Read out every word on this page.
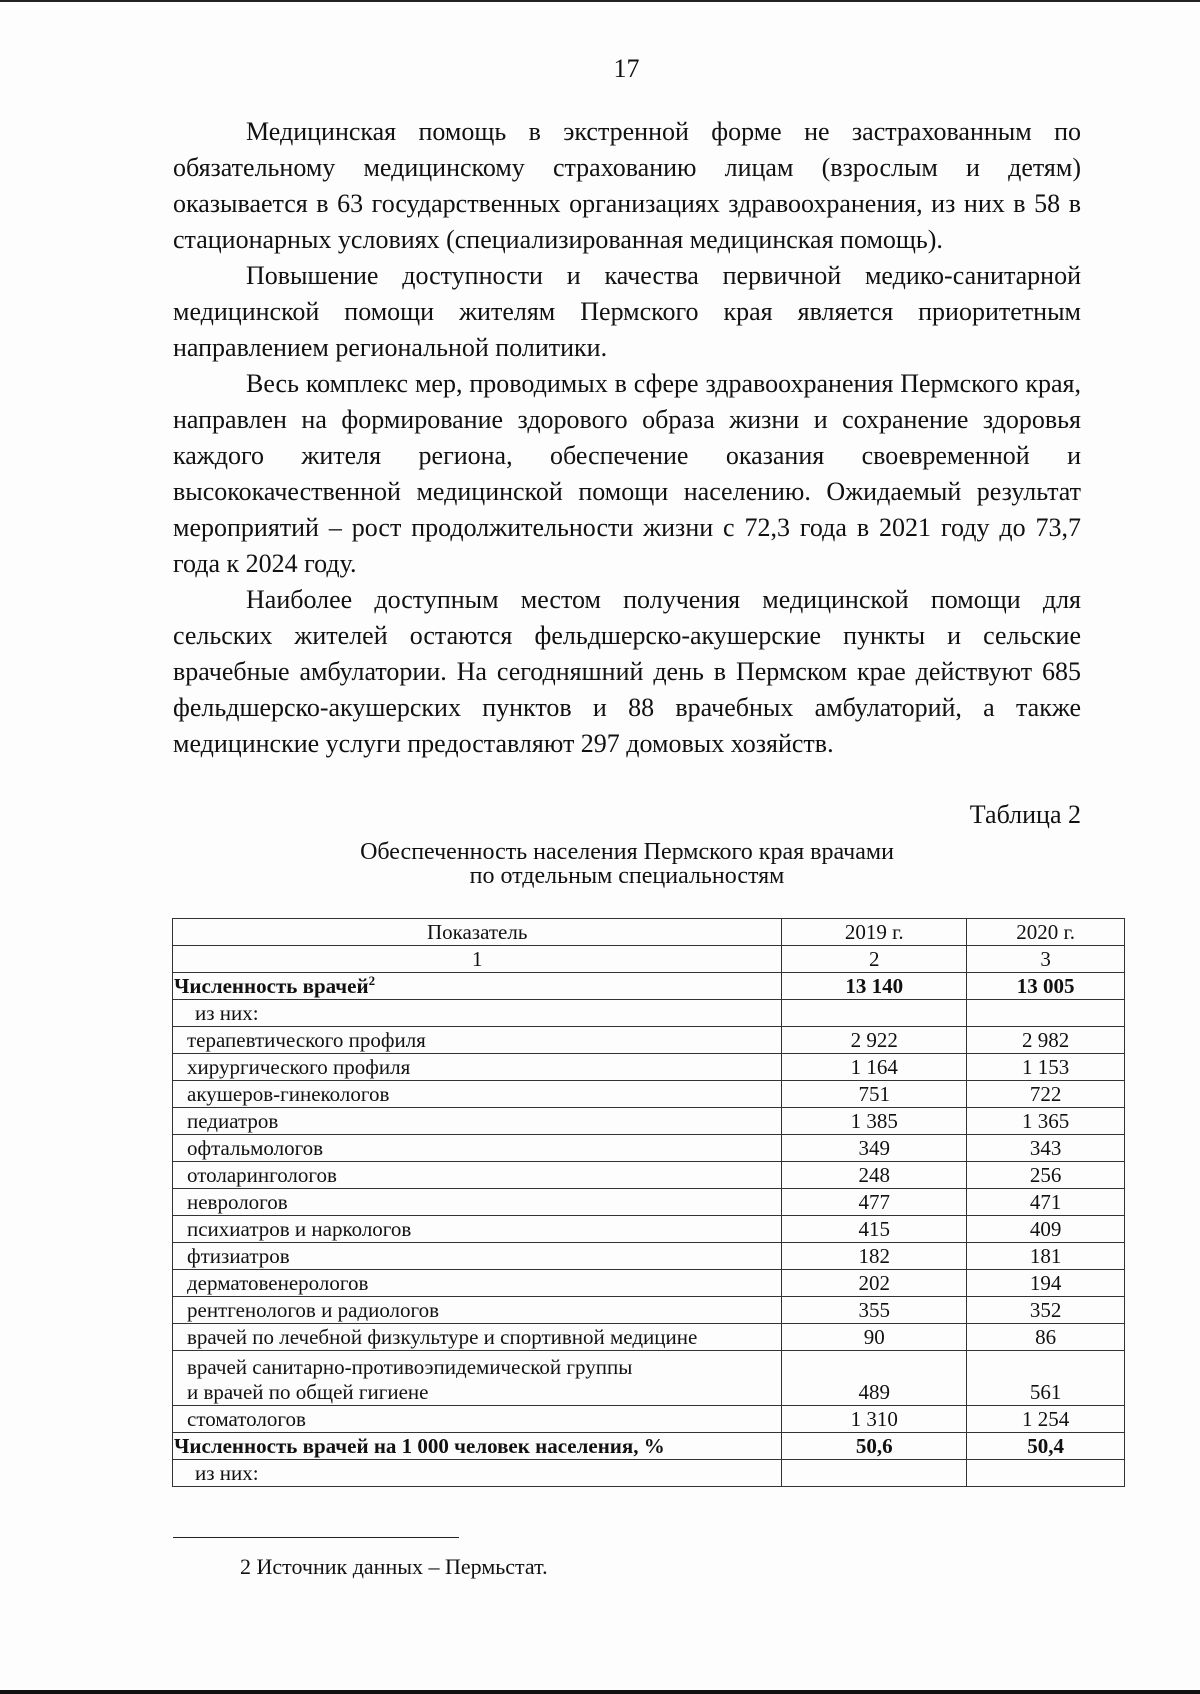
17

Медицинская помощь в экстренной форме не застрахованным по обязательному медицинскому страхованию лицам (взрослым и детям) оказывается в 63 государственных организациях здравоохранения, из них в 58 в стационарных условиях (специализированная медицинская помощь).

Повышение доступности и качества первичной медико-санитарной медицинской помощи жителям Пермского края является приоритетным направлением региональной политики.

Весь комплекс мер, проводимых в сфере здравоохранения Пермского края, направлен на формирование здорового образа жизни и сохранение здоровья каждого жителя региона, обеспечение оказания своевременной и высококачественной медицинской помощи населению. Ожидаемый результат мероприятий – рост продолжительности жизни с 72,3 года в 2021 году до 73,7 года к 2024 году.

Наиболее доступным местом получения медицинской помощи для сельских жителей остаются фельдшерско-акушерские пункты и сельские врачебные амбулатории. На сегодняшний день в Пермском крае действуют 685 фельдшерско-акушерских пунктов и 88 врачебных амбулаторий, а также медицинские услуги предоставляют 297 домовых хозяйств.

Таблица 2
Обеспеченность населения Пермского края врачами
по отдельным специальностям
Показатель	2019 г.	2020 г.
1	2	3
Численность врачей$^2$	13 140	13 005
из них:		
терапевтического профиля	2 922	2 982
хирургического профиля	1 164	1 153
акушеров-гинекологов	751	722
педиатров	1 385	1 365
офтальмологов	349	343
отоларингологов	248	256
неврологов	477	471
психиатров и наркологов	415	409
фтизиатров	182	181
дерматовенерологов	202	194
рентгенологов и радиологов	355	352
врачей по лечебной физкультуре и спортивной медицине	90	86

врачей санитарно-противоэпидемической группы
и врачей по общей гигиене	489	561
стоматологов	1 310	1 254
Численность врачей на 1 000 человек населения, %	50,6	50,4
из них:		
2 Источник данных – Пермьстат.
